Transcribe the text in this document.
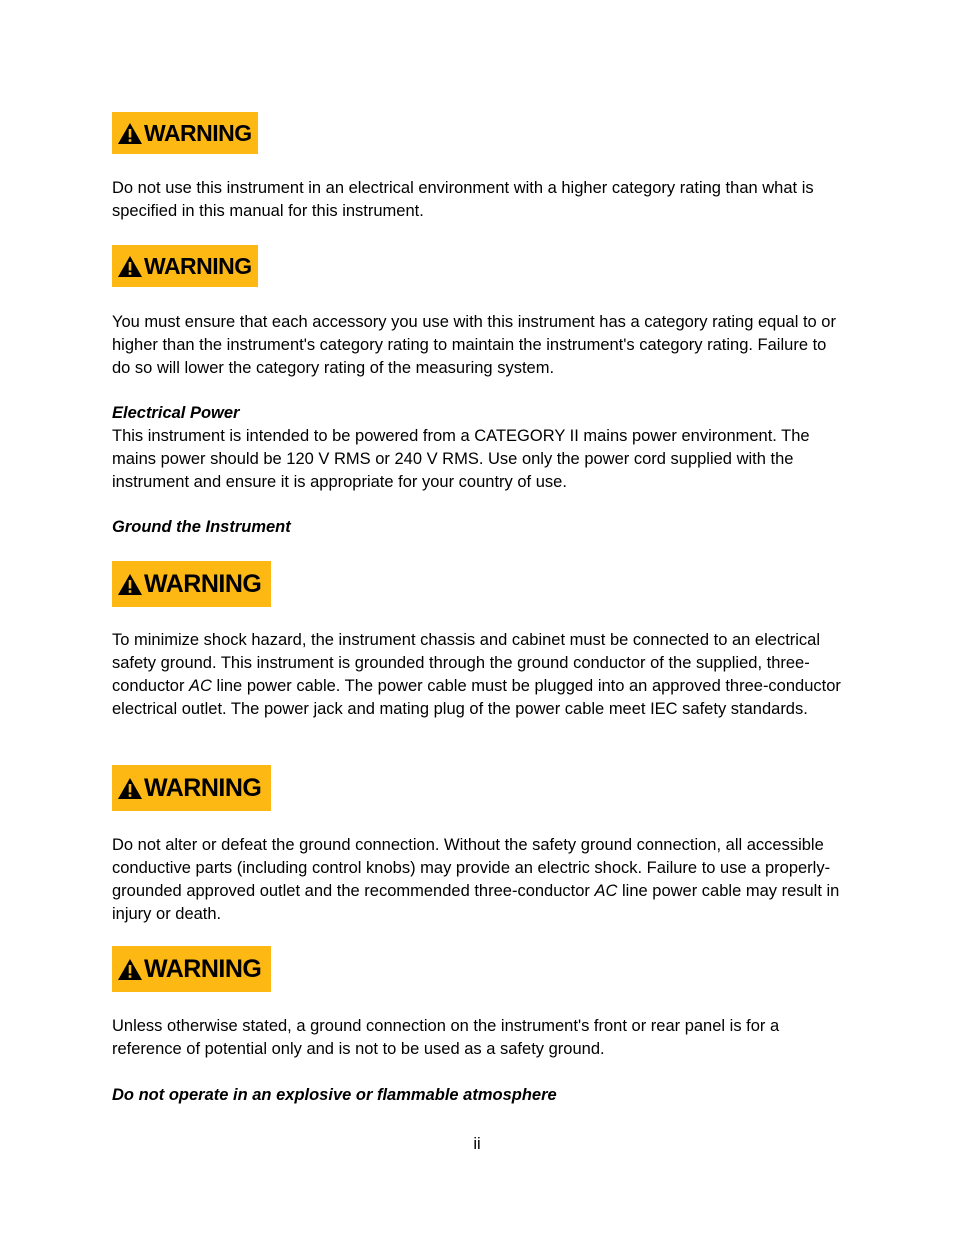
WARNING

Do not use this instrument in an electrical environment with a higher category rating than what is specified in this manual for this instrument.

WARNING

You must ensure that each accessory you use with this instrument has a category rating equal to or higher than the instrument's category rating to maintain the instrument's category rating. Failure to do so will lower the category rating of the measuring system.

Electrical Power

This instrument is intended to be powered from a CATEGORY II mains power environment. The mains power should be 120 V RMS or 240 V RMS. Use only the power cord supplied with the instrument and ensure it is appropriate for your country of use.

Ground the Instrument

WARNING

To minimize shock hazard, the instrument chassis and cabinet must be connected to an electrical safety ground. This instrument is grounded through the ground conductor of the supplied, three-conductor AC line power cable. The power cable must be plugged into an approved three-conductor electrical outlet. The power jack and mating plug of the power cable meet IEC safety standards.

WARNING

Do not alter or defeat the ground connection. Without the safety ground connection, all accessible conductive parts (including control knobs) may provide an electric shock. Failure to use a properly-grounded approved outlet and the recommended three-conductor AC line power cable may result in injury or death.

WARNING

Unless otherwise stated, a ground connection on the instrument's front or rear panel is for a reference of potential only and is not to be used as a safety ground.

Do not operate in an explosive or flammable atmosphere

ii
